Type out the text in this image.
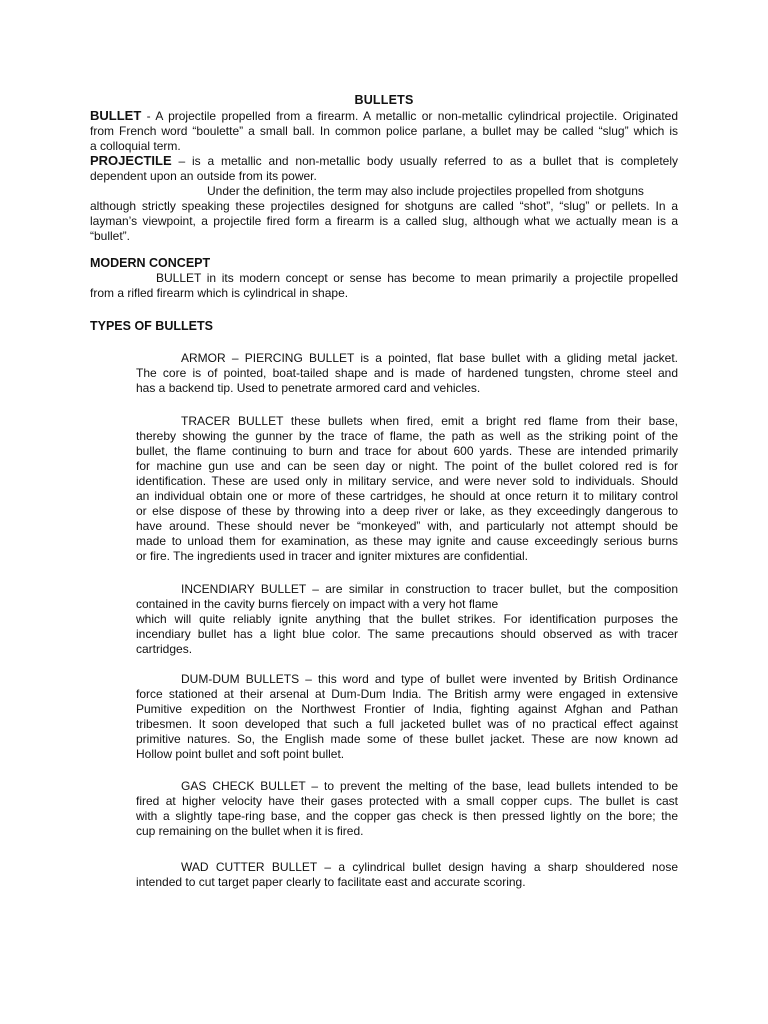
BULLETS
BULLET - A projectile propelled from a firearm. A metallic or non-metallic cylindrical projectile. Originated
from French word “boulette” a small ball. In common police parlane, a bullet may be called “slug” which is
a colloquial term.
PROJECTILE – is a metallic and non-metallic body usually referred to as a bullet that is completely
dependent upon an outside from its power.
Under the definition, the term may also include projectiles propelled from shotguns
although strictly speaking these projectiles designed for shotguns are called “shot”, “slug” or pellets. In a
layman’s viewpoint, a projectile fired form a firearm is a called slug, although what we actually mean is a
“bullet”.
MODERN CONCEPT
BULLET in its modern concept or sense has become to mean primarily a projectile propelled
from a rifled firearm which is cylindrical in shape.
TYPES OF BULLETS
ARMOR – PIERCING BULLET is a pointed, flat base bullet with a gliding metal jacket.
The core is of pointed, boat-tailed shape and is made of hardened tungsten, chrome steel and
has a backend tip. Used to penetrate armored card and vehicles.
TRACER BULLET these bullets when fired, emit a bright red flame from their base,
thereby showing the gunner by the trace of flame, the path as well as the striking point of the
bullet, the flame continuing to burn and trace for about 600 yards. These are intended primarily
for machine gun use and can be seen day or night. The point of the bullet colored red is for
identification. These are used only in military service, and were never sold to individuals. Should
an individual obtain one or more of these cartridges, he should at once return it to military control
or else dispose of these by throwing into a deep river or lake, as they exceedingly dangerous to
have around. These should never be “monkeyed” with, and particularly not attempt should be
made to unload them for examination, as these may ignite and cause exceedingly serious burns
or fire. The ingredients used in tracer and igniter mixtures are confidential.
INCENDIARY BULLET – are similar in construction to tracer bullet, but the composition
contained in the cavity burns fiercely on impact with a very hot flame
which will quite reliably ignite anything that the bullet strikes. For identification purposes the
incendiary bullet has a light blue color. The same precautions should observed as with tracer
cartridges.
DUM-DUM BULLETS – this word and type of bullet were invented by British Ordinance
force stationed at their arsenal at Dum-Dum India. The British army were engaged in extensive
Pumitive expedition on the Northwest Frontier of India, fighting against Afghan and Pathan
tribesmen. It soon developed that such a full jacketed bullet was of no practical effect against
primitive natures. So, the English made some of these bullet jacket. These are now known ad
Hollow point bullet and soft point bullet.
GAS CHECK BULLET – to prevent the melting of the base, lead bullets intended to be
fired at higher velocity have their gases protected with a small copper cups. The bullet is cast
with a slightly tape-ring base, and the copper gas check is then pressed lightly on the bore; the
cup remaining on the bullet when it is fired.
WAD CUTTER BULLET – a cylindrical bullet design having a sharp shouldered nose
intended to cut target paper clearly to facilitate east and accurate scoring.
